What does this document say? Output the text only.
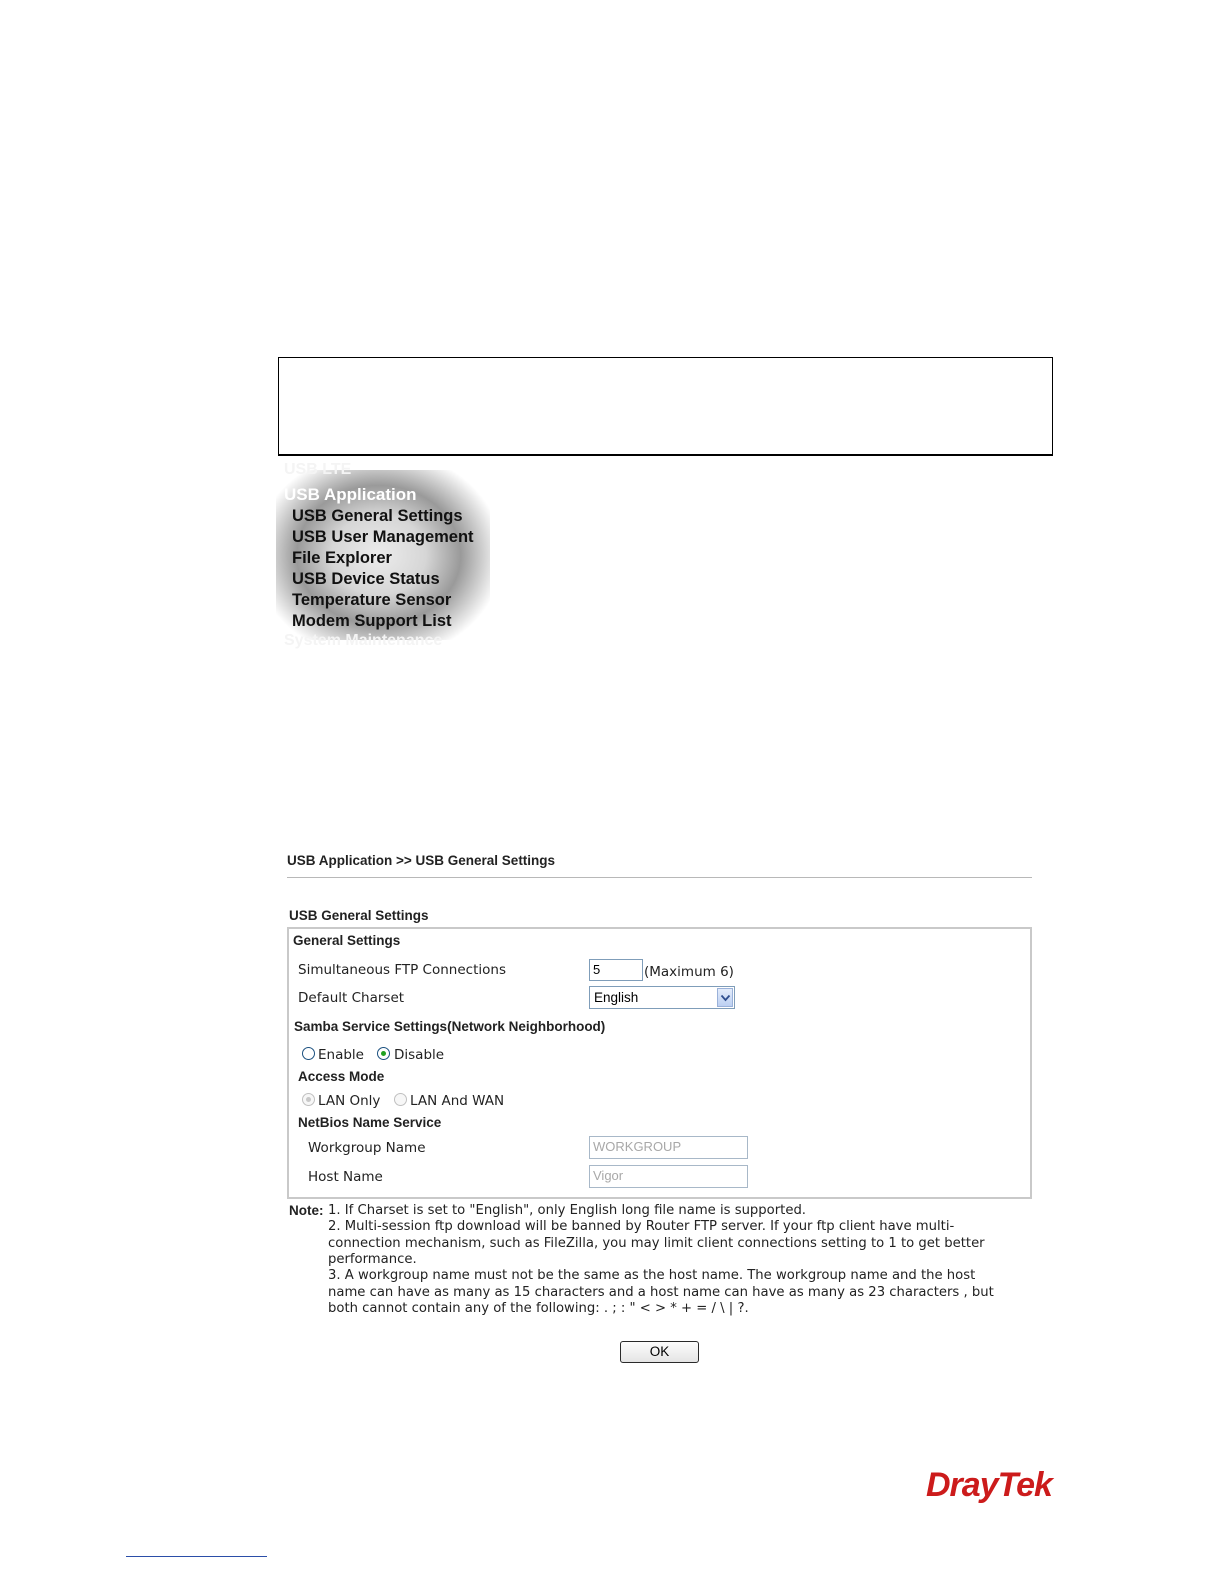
USB LTE
USB Application
USB General Settings
USB User Management
File Explorer
USB Device Status
Temperature Sensor
Modem Support List
System Maintenance
USB Application >> USB General Settings
USB General Settings
General Settings
Simultaneous FTP Connections	5	(Maximum 6)
Default Charset	English
Samba Service Settings(Network Neighborhood)
Enable Disable
Access Mode
LAN Only LAN And WAN
NetBios Name Service
Workgroup Name	WORKGROUP
Host Name	Vigor
Note: 1. If Charset is set to "English", only English long file name is supported.
2. Multi-session ftp download will be banned by Router FTP server. If your ftp client have multi-
connection mechanism, such as FileZilla, you may limit client connections setting to 1 to get better
performance.
3. A workgroup name must not be the same as the host name. The workgroup name and the host
name can have as many as 15 characters and a host name can have as many as 23 characters , but
both cannot contain any of the following: . ; : " < > * + = / \ | ?.
OK
DrayTek
